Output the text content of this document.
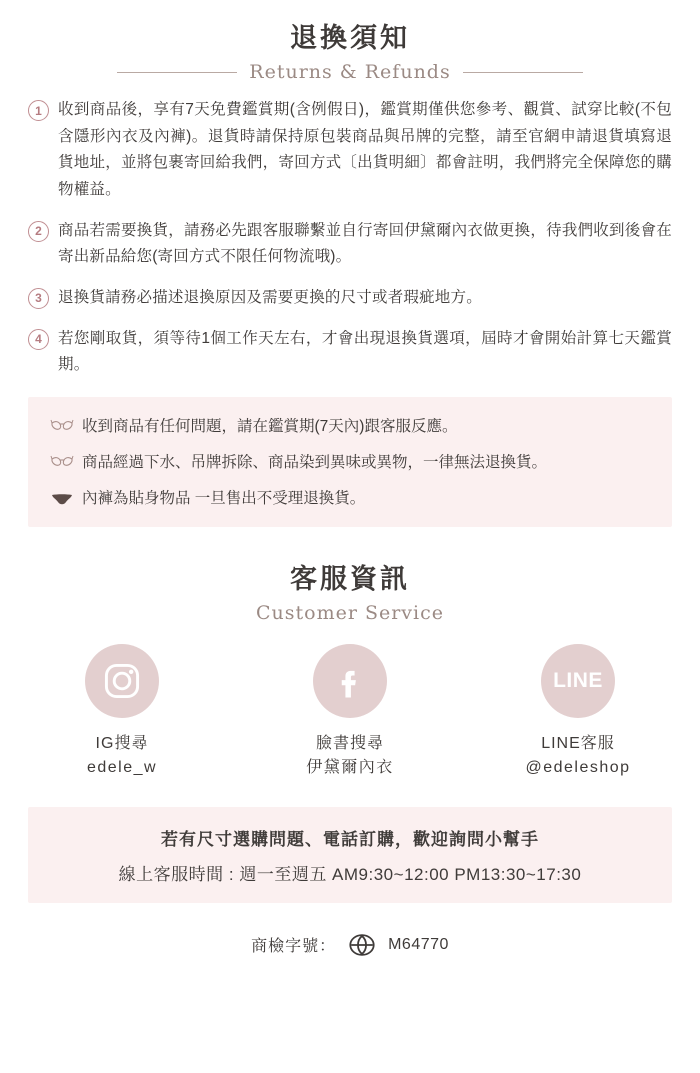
退換須知
Returns & Refunds
1	收到商品後，享有7天免費鑑賞期(含例假日)，鑑賞期僅供您參考、觀賞、試穿比較(不包含隱形內衣及內褲)。退貨時請保持原包裝商品與吊牌的完整，請至官網申請退貨填寫退貨地址，並將包裹寄回給我們，寄回方式〔出貨明細〕都會註明，我們將完全保障您的購物權益。
2	商品若需要換貨，請務必先跟客服聯繫並自行寄回伊黛爾內衣做更換，待我們收到後會在寄出新品給您(寄回方式不限任何物流哦)。
3	退換貨請務必描述退換原因及需要更換的尺寸或者瑕疵地方。
4	若您剛取貨，須等待1個工作天左右，才會出現退換貨選項，屆時才會開始計算七天鑑賞期。
收到商品有任何問題，請在鑑賞期(7天內)跟客服反應。
商品經過下水、吊牌拆除、商品染到異味或異物，一律無法退換貨。
內褲為貼身物品 一旦售出不受理退換貨。
客服資訊
Customer Service
IG搜尋
edele_w
臉書搜尋
伊黛爾內衣
LINE
LINE客服
@edeleshop
若有尺寸選購問題、電話訂購，歡迎詢問小幫手
線上客服時間 : 週一至週五 AM9:30~12:00 PM13:30~17:30
商檢字號：	M64770
